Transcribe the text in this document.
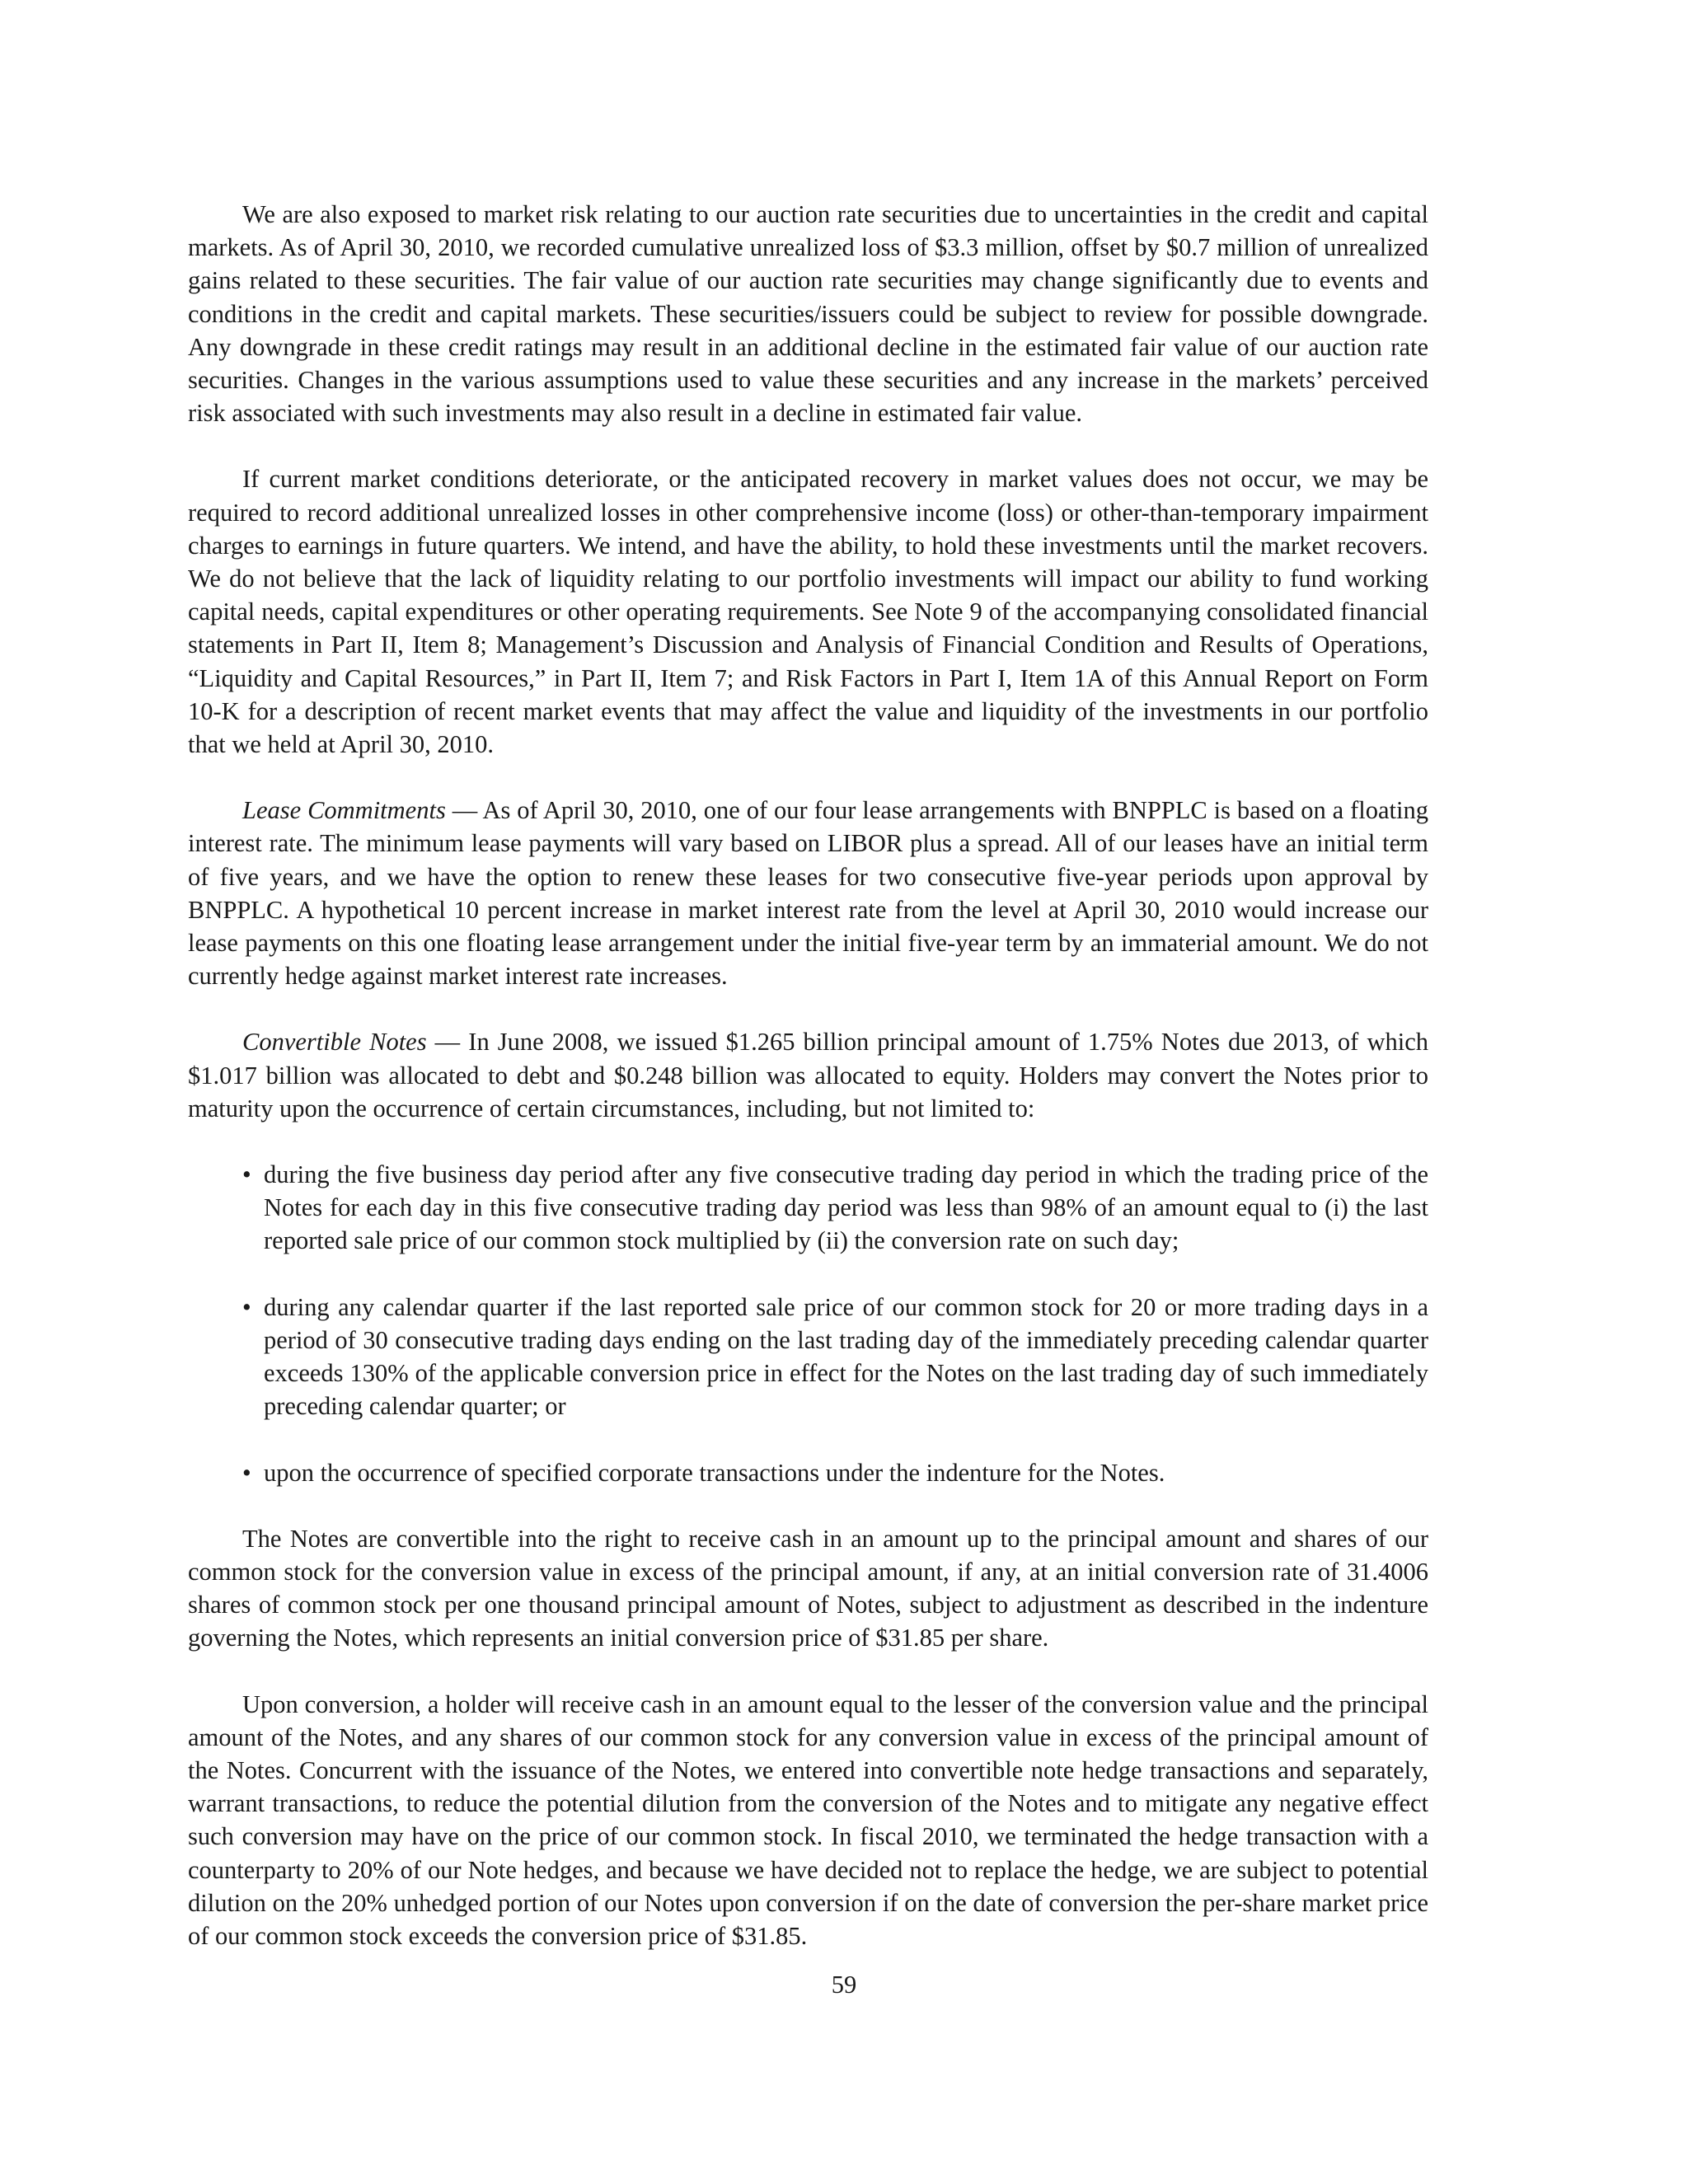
We are also exposed to market risk relating to our auction rate securities due to uncertainties in the credit and capital markets. As of April 30, 2010, we recorded cumulative unrealized loss of $3.3 million, offset by $0.7 million of unrealized gains related to these securities. The fair value of our auction rate securities may change significantly due to events and conditions in the credit and capital markets. These securities/issuers could be subject to review for possible downgrade. Any downgrade in these credit ratings may result in an additional decline in the estimated fair value of our auction rate securities. Changes in the various assumptions used to value these securities and any increase in the markets’ perceived risk associated with such investments may also result in a decline in estimated fair value.

If current market conditions deteriorate, or the anticipated recovery in market values does not occur, we may be required to record additional unrealized losses in other comprehensive income (loss) or other-than-temporary impairment charges to earnings in future quarters. We intend, and have the ability, to hold these investments until the market recovers. We do not believe that the lack of liquidity relating to our portfolio investments will impact our ability to fund working capital needs, capital expenditures or other operating requirements. See Note 9 of the accompanying consolidated financial statements in Part II, Item 8; Management’s Discussion and Analysis of Financial Condition and Results of Operations, “Liquidity and Capital Resources,” in Part II, Item 7; and Risk Factors in Part I, Item 1A of this Annual Report on Form 10-K for a description of recent market events that may affect the value and liquidity of the investments in our portfolio that we held at April 30, 2010.

Lease Commitments — As of April 30, 2010, one of our four lease arrangements with BNPPLC is based on a floating interest rate. The minimum lease payments will vary based on LIBOR plus a spread. All of our leases have an initial term of five years, and we have the option to renew these leases for two consecutive five-year periods upon approval by BNPPLC. A hypothetical 10 percent increase in market interest rate from the level at April 30, 2010 would increase our lease payments on this one floating lease arrangement under the initial five-year term by an immaterial amount. We do not currently hedge against market interest rate increases.

Convertible Notes — In June 2008, we issued $1.265 billion principal amount of 1.75% Notes due 2013, of which $1.017 billion was allocated to debt and $0.248 billion was allocated to equity. Holders may convert the Notes prior to maturity upon the occurrence of certain circumstances, including, but not limited to:

• during the five business day period after any five consecutive trading day period in which the trading price of the Notes for each day in this five consecutive trading day period was less than 98% of an amount equal to (i) the last reported sale price of our common stock multiplied by (ii) the conversion rate on such day;
• during any calendar quarter if the last reported sale price of our common stock for 20 or more trading days in a period of 30 consecutive trading days ending on the last trading day of the immediately preceding calendar quarter exceeds 130% of the applicable conversion price in effect for the Notes on the last trading day of such immediately preceding calendar quarter; or
• upon the occurrence of specified corporate transactions under the indenture for the Notes.

The Notes are convertible into the right to receive cash in an amount up to the principal amount and shares of our common stock for the conversion value in excess of the principal amount, if any, at an initial conversion rate of 31.4006 shares of common stock per one thousand principal amount of Notes, subject to adjustment as described in the indenture governing the Notes, which represents an initial conversion price of $31.85 per share.

Upon conversion, a holder will receive cash in an amount equal to the lesser of the conversion value and the principal amount of the Notes, and any shares of our common stock for any conversion value in excess of the principal amount of the Notes. Concurrent with the issuance of the Notes, we entered into convertible note hedge transactions and separately, warrant transactions, to reduce the potential dilution from the conversion of the Notes and to mitigate any negative effect such conversion may have on the price of our common stock. In fiscal 2010, we terminated the hedge transaction with a counterparty to 20% of our Note hedges, and because we have decided not to replace the hedge, we are subject to potential dilution on the 20% unhedged portion of our Notes upon conversion if on the date of conversion the per-share market price of our common stock exceeds the conversion price of $31.85.

59
